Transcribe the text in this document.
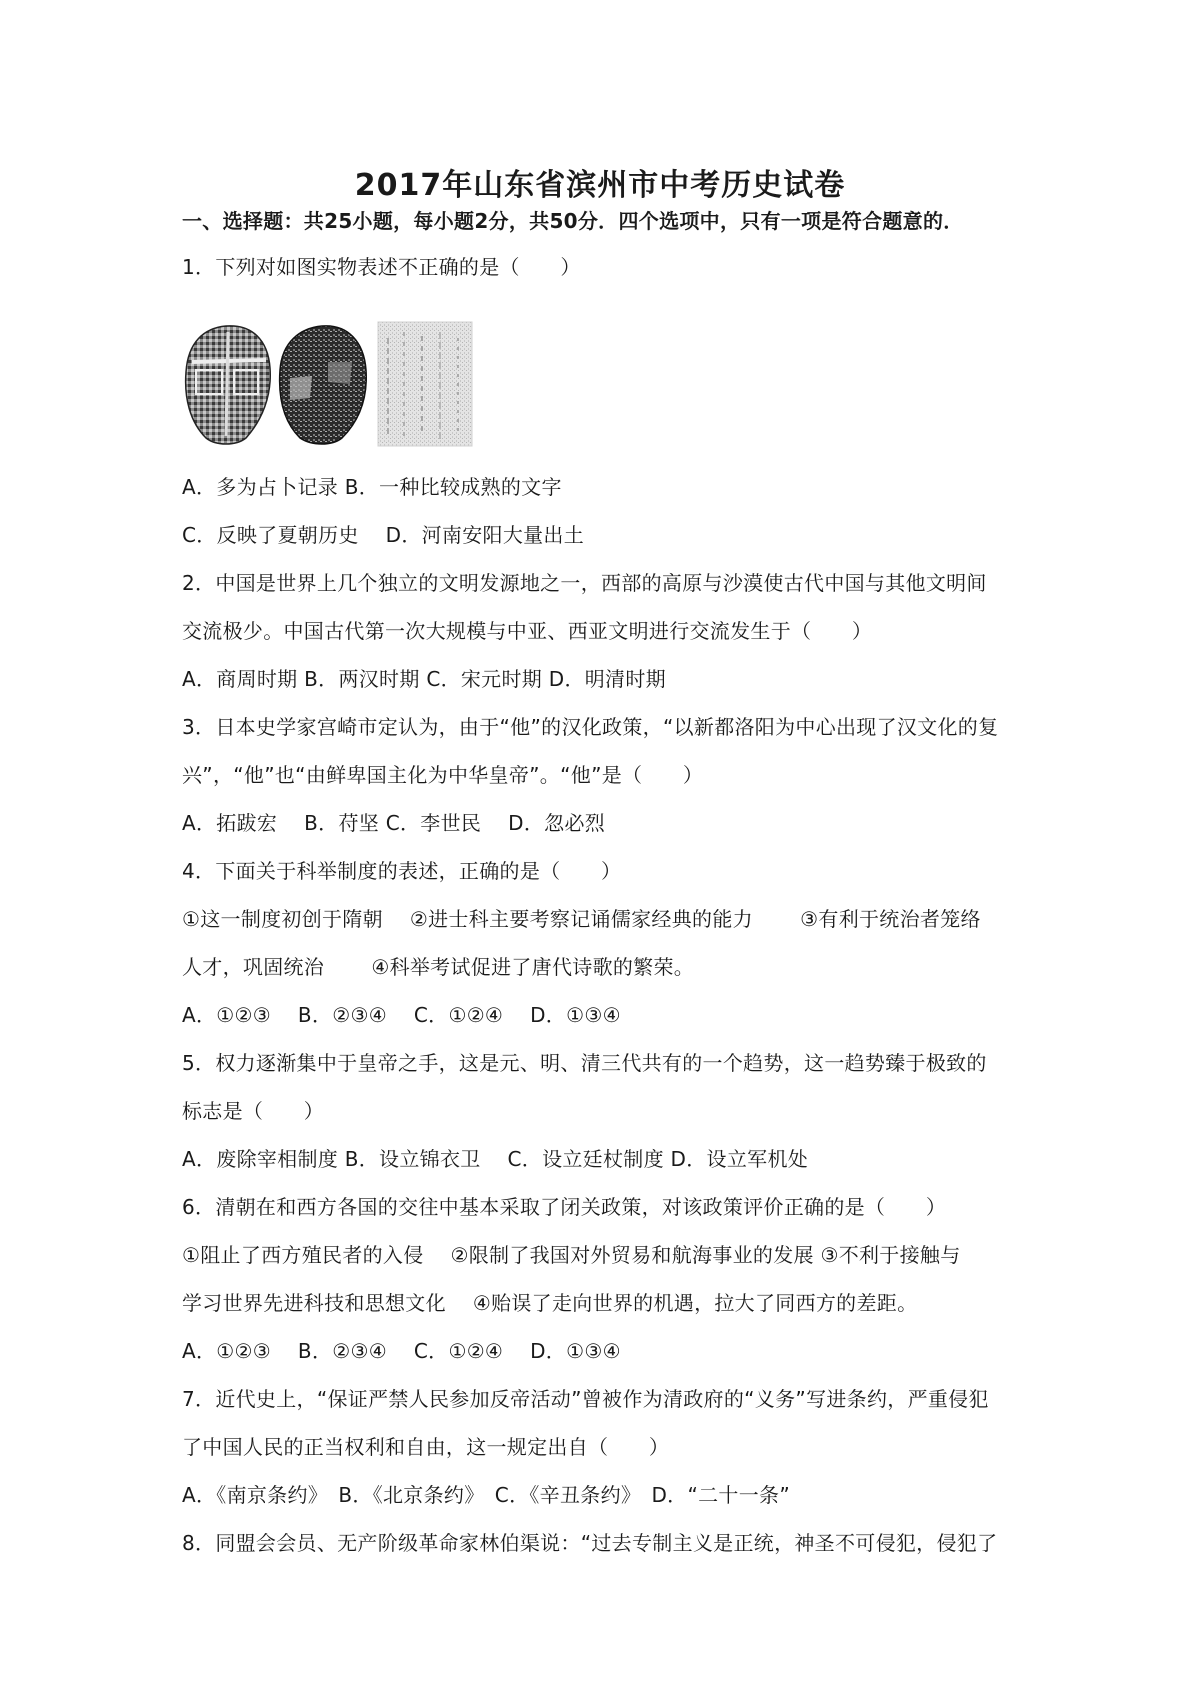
2017年山东省滨州市中考历史试卷
一、选择题：共25小题，每小题2分，共50分．四个选项中，只有一项是符合题意的．
1．下列对如图实物表述不正确的是（　　）
A．多为占卜记录 B．一种比较成熟的文字
C．反映了夏朝历史　 D．河南安阳大量出土
2．中国是世界上几个独立的文明发源地之一，西部的高原与沙漠使古代中国与其他文明间
交流极少。中国古代第一次大规模与中亚、西亚文明进行交流发生于（　　）
A．商周时期 B．两汉时期 C．宋元时期 D．明清时期
3．日本史学家宫崎市定认为，由于“他”的汉化政策，“以新都洛阳为中心出现了汉文化的复
兴”，“他”也“由鲜卑国主化为中华皇帝”。“他”是（　　）
A．拓跋宏　 B．苻坚 C．李世民　 D．忽必烈
4．下面关于科举制度的表述，正确的是（　　）
①这一制度初创于隋朝　 ②进士科主要考察记诵儒家经典的能力　　 ③有利于统治者笼络
人才，巩固统治　　 ④科举考试促进了唐代诗歌的繁荣。
A．①②③　 B．②③④　 C．①②④　 D．①③④
5．权力逐渐集中于皇帝之手，这是元、明、清三代共有的一个趋势，这一趋势臻于极致的
标志是（　　）
A．废除宰相制度 B．设立锦衣卫　 C．设立廷杖制度 D．设立军机处
6．清朝在和西方各国的交往中基本采取了闭关政策，对该政策评价正确的是（　　）
①阻止了西方殖民者的入侵　 ②限制了我国对外贸易和航海事业的发展 ③不利于接触与
学习世界先进科技和思想文化　 ④贻误了走向世界的机遇，拉大了同西方的差距。
A．①②③　 B．②③④　 C．①②④　 D．①③④
7．近代史上，“保证严禁人民参加反帝活动”曾被作为清政府的“义务”写进条约，严重侵犯
了中国人民的正当权利和自由，这一规定出自（　　）
A．《南京条约》　B．《北京条约》　C．《辛丑条约》　D．“二十一条”
8．同盟会会员、无产阶级革命家林伯渠说：“过去专制主义是正统，神圣不可侵犯，侵犯了
